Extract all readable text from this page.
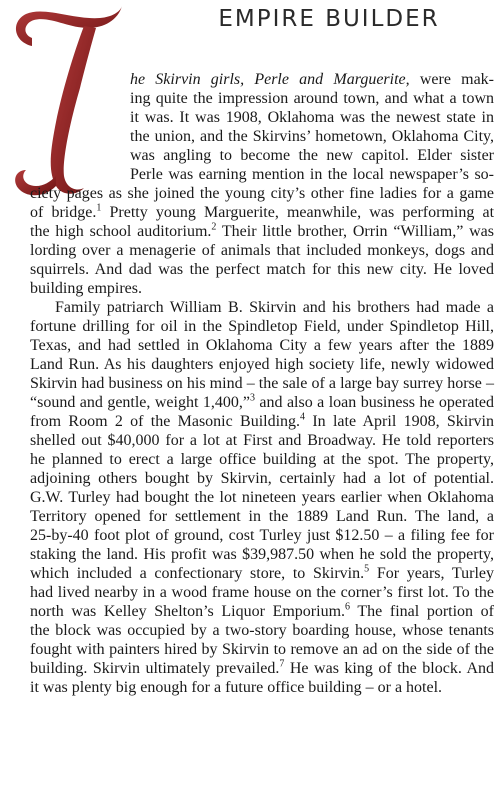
EMPIRE BUILDER
he Skirvin girls, Perle and Marguerite, were mak-
ing quite the impression around town, and what a town
it was. It was 1908, Oklahoma was the newest state in
the union, and the Skirvins’ hometown, Oklahoma City,
was angling to become the new capitol. Elder sister
Perle was earning mention in the local newspaper’s so-
ciety pages as she joined the young city’s other fine ladies for a game
of bridge.$^1$ Pretty young Marguerite, meanwhile, was performing at
the high school auditorium.$^2$ Their little brother, Orrin “William,” was
lording over a menagerie of animals that included monkeys, dogs and
squirrels. And dad was the perfect match for this new city. He loved
building empires.
Family patriarch William B. Skirvin and his brothers had made a
fortune drilling for oil in the Spindletop Field, under Spindletop Hill,
Texas, and had settled in Oklahoma City a few years after the 1889
Land Run. As his daughters enjoyed high society life, newly widowed
Skirvin had business on his mind – the sale of a large bay surrey horse –
“sound and gentle, weight 1,400,”$^3$ and also a loan business he operated
from Room 2 of the Masonic Building.$^4$ In late April 1908, Skirvin
shelled out $40,000 for a lot at First and Broadway. He told reporters
he planned to erect a large office building at the spot. The property,
adjoining others bought by Skirvin, certainly had a lot of potential.
G.W. Turley had bought the lot nineteen years earlier when Oklahoma
Territory opened for settlement in the 1889 Land Run. The land, a
25-by-40 foot plot of ground, cost Turley just $12.50 – a filing fee for
staking the land. His profit was $39,987.50 when he sold the property,
which included a confectionary store, to Skirvin.$^5$ For years, Turley
had lived nearby in a wood frame house on the corner’s first lot. To the
north was Kelley Shelton’s Liquor Emporium.$^6$ The final portion of
the block was occupied by a two-story boarding house, whose tenants
fought with painters hired by Skirvin to remove an ad on the side of the
building. Skirvin ultimately prevailed.$^7$ He was king of the block. And
it was plenty big enough for a future office building – or a hotel.
